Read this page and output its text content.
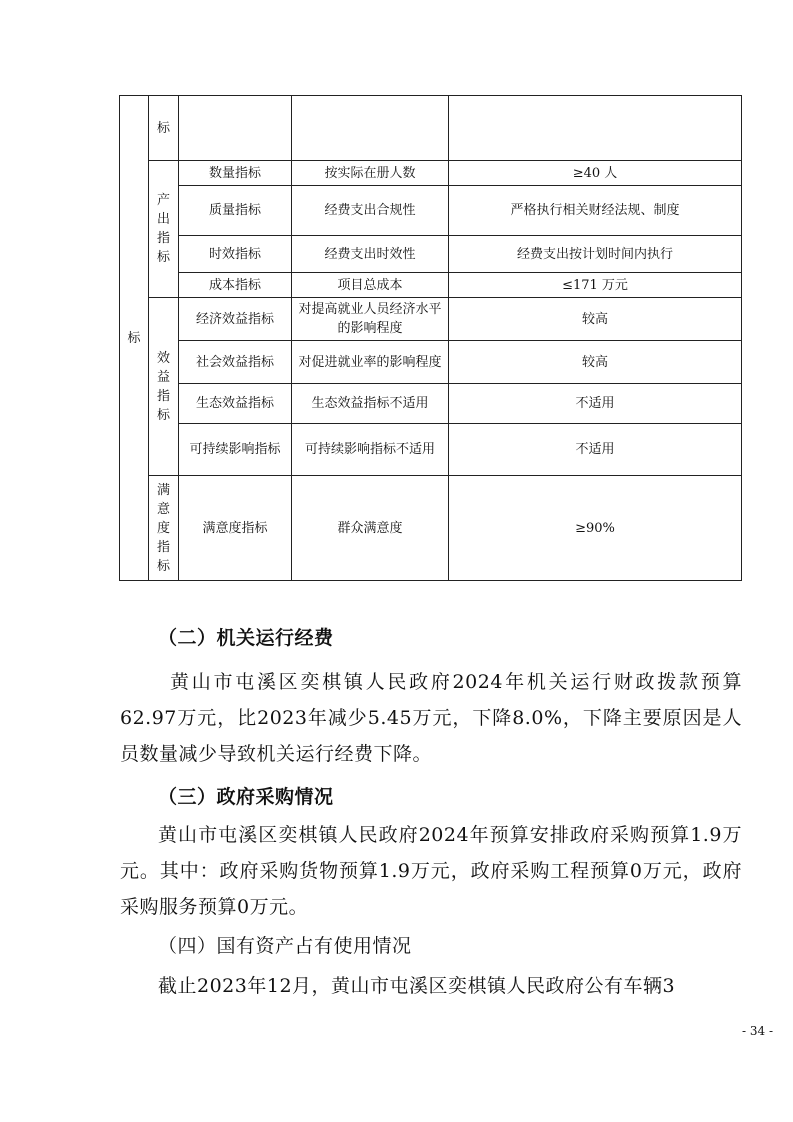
标	标			
	产出指标	数量指标	按实际在册人数	≥40 人
		质量指标	经费支出合规性	严格执行相关财经法规、制度
		时效指标	经费支出时效性	经费支出按计划时间内执行
		成本指标	项目总成本	≤171 万元
	效益指标	经济效益指标	对提高就业人员经济水平的影响程度	较高
		社会效益指标	对促进就业率的影响程度	较高
		生态效益指标	生态效益指标不适用	不适用
		可持续影响指标	可持续影响指标不适用	不适用
	满意度指标	满意度指标	群众满意度	≥90%

（二）机关运行经费

黄山市屯溪区奕棋镇人民政府2024年机关运行财政拨款预算62.97万元，比2023年减少5.45万元，下降8.0%，下降主要原因是人员数量减少导致机关运行经费下降。

（三）政府采购情况

黄山市屯溪区奕棋镇人民政府2024年预算安排政府采购预算1.9万元。其中：政府采购货物预算1.9万元，政府采购工程预算0万元，政府采购服务预算0万元。

（四）国有资产占有使用情况

截止2023年12月，黄山市屯溪区奕棋镇人民政府公有车辆3

- 34 -
